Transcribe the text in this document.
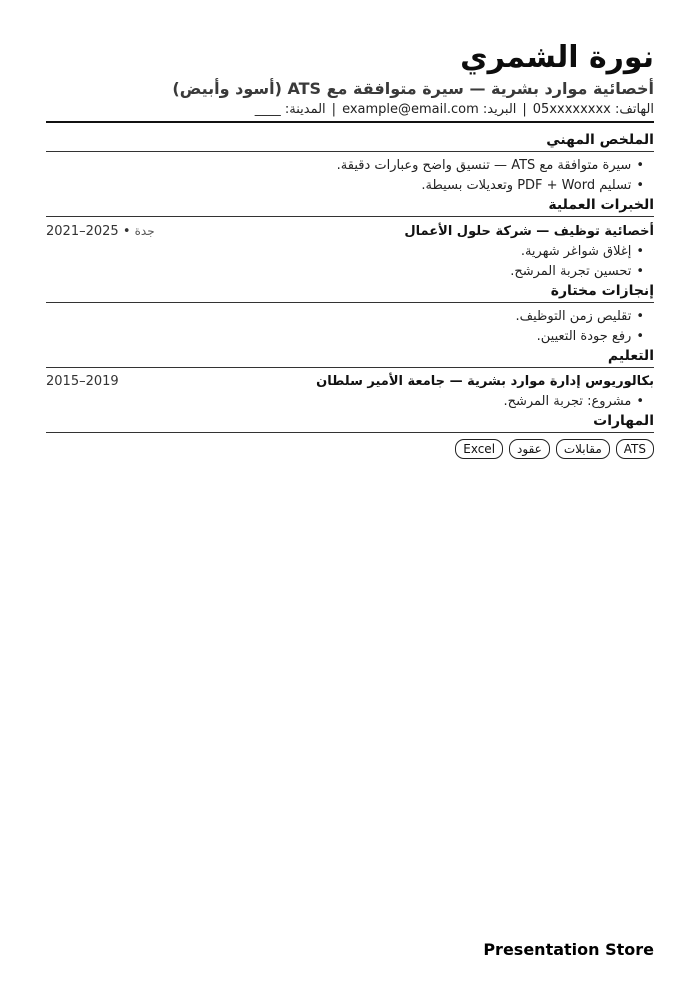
نورة الشمري

أخصائية موارد بشرية — سيرة متوافقة مع ATS (أسود وأبيض)

الهاتف: 05xxxxxxxx|البريد: example@email.com|المدينة: ____
الملخص المهني
•سيرة متوافقة مع ATS — تنسيق واضح وعبارات دقيقة.
•تسليم PDF + Word وتعديلات بسيطة.
الخبرات العملية
أخصائية توظيف — شركة حلول الأعمال
جدة • 2025–2021
•إغلاق شواغر شهرية.
•تحسين تجربة المرشح.
إنجازات مختارة
•تقليص زمن التوظيف.
•رفع جودة التعيين.
التعليم
بكالوريوس إدارة موارد بشرية — جامعة الأمير سلطان
2015–2019
•مشروع: تجربة المرشح.
المهارات
ATS
مقابلات
عقود
Excel
Presentation Store
